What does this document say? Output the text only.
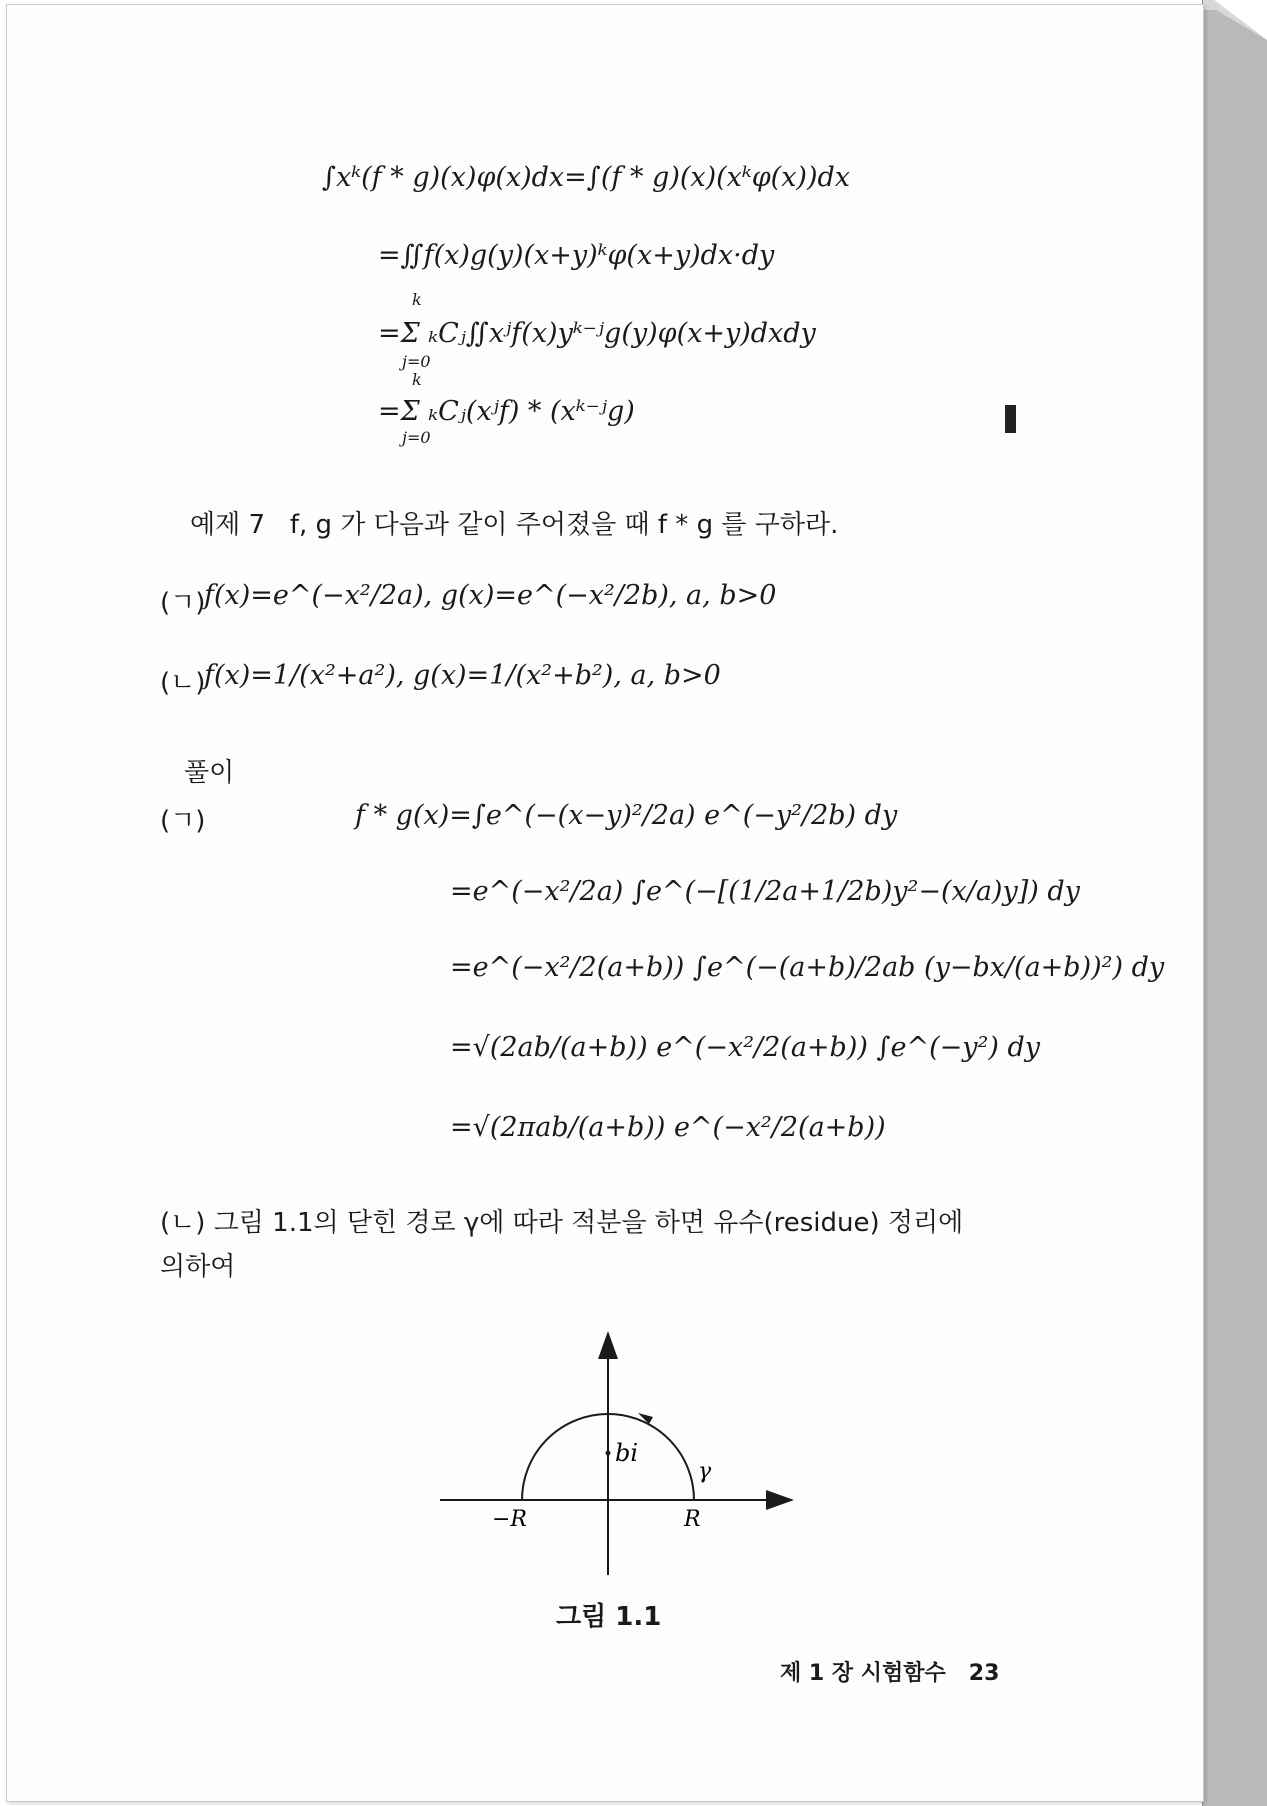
∫xᵏ(f * g)(x)φ(x)dx=∫(f * g)(x)(xᵏφ(x))dx
=∬f(x)g(y)(x+y)ᵏφ(x+y)dx·dy
=Σ ₖCⱼ∬xʲf(x)yᵏ⁻ʲg(y)φ(x+y)dxdy
k
j=0
=Σ ₖCⱼ(xʲf) * (xᵏ⁻ʲg)
k
j=0
예제 7 f, g 가 다음과 같이 주어졌을 때 f * g 를 구하라.
(ㄱ)
f(x)=e^(−x²/2a), g(x)=e^(−x²/2b), a, b>0
(ㄴ)
f(x)=1/(x²+a²), g(x)=1/(x²+b²), a, b>0
풀이
(ㄱ)	f * g(x)=∫e^(−(x−y)²/2a) e^(−y²/2b) dy
=e^(−x²/2a) ∫e^(−[(1/2a+1/2b)y²−(x/a)y]) dy
=e^(−x²/2(a+b)) ∫e^(−(a+b)/2ab (y−bx/(a+b))²) dy
=√(2ab/(a+b)) e^(−x²/2(a+b)) ∫e^(−y²) dy
=√(2πab/(a+b)) e^(−x²/2(a+b))
(ㄴ) 그림 1.1의 닫힌 경로 γ에 따라 적분을 하면 유수(residue) 정리에
의하여
bi
γ
−R	R
그림 1.1
제 1 장 시험함수 23
